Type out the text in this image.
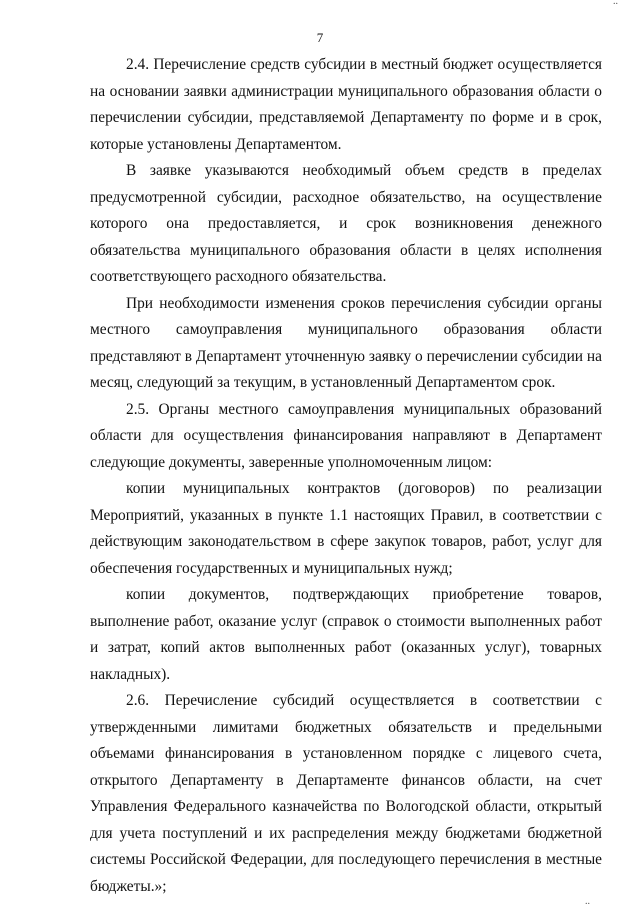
..
7

2.4. Перечисление средств субсидии в местный бюджет осуществляется на основании заявки администрации муниципального образования области о перечислении субсидии, представляемой Департаменту по форме и в срок, которые установлены Департаментом.

В заявке указываются необходимый объем средств в пределах предусмотренной субсидии, расходное обязательство, на осуществление которого она предоставляется, и срок возникновения денежного обязательства муниципального образования области в целях исполнения соответствующего расходного обязательства.

При необходимости изменения сроков перечисления субсидии органы местного самоуправления муниципального образования области представляют в Департамент уточненную заявку о перечислении субсидии на месяц, следующий за текущим, в установленный Департаментом срок.

2.5. Органы местного самоуправления муниципальных образований области для осуществления финансирования направляют в Департамент следующие документы, заверенные уполномоченным лицом:

копии муниципальных контрактов (договоров) по реализации Мероприятий, указанных в пункте 1.1 настоящих Правил, в соответствии с действующим законодательством в сфере закупок товаров, работ, услуг для обеспечения государственных и муниципальных нужд;

копии документов, подтверждающих приобретение товаров, выполнение работ, оказание услуг (справок о стоимости выполненных работ и затрат, копий актов выполненных работ (оказанных услуг), товарных накладных).

2.6. Перечисление субсидий осуществляется в соответствии с утвержденными лимитами бюджетных обязательств и предельными объемами финансирования в установленном порядке с лицевого счета, открытого Департаменту в Департаменте финансов области, на счет Управления Федерального казначейства по Вологодской области, открытый для учета поступлений и их распределения между бюджетами бюджетной системы Российской Федерации, для последующего перечисления в местные бюджеты.»;

..
